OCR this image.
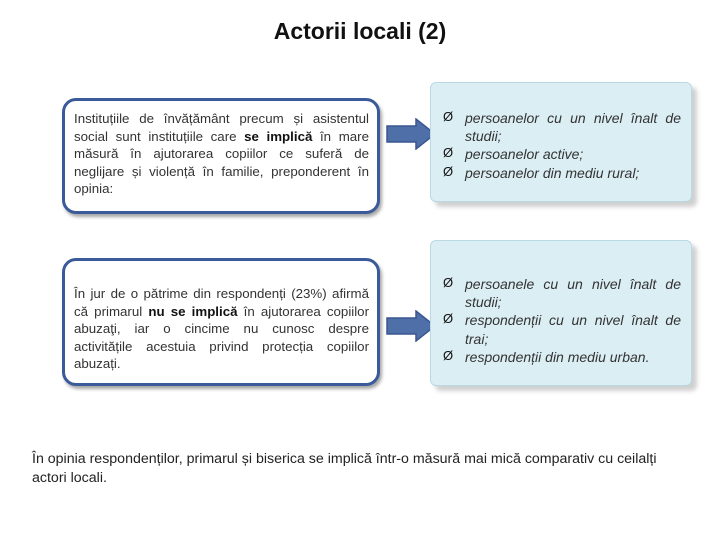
Actorii locali (2)
Instituțiile de învățământ precum și asistentul social sunt instituțiile care se implică în mare măsură în ajutorarea copiilor ce suferă de neglijare și violență în familie, preponderent în opinia:
Ø persoanelor cu un nivel înalt de studii;
Ø persoanelor active;
Ø persoanelor din mediu rural;
În jur de o pătrime din respondenți (23%) afirmă că primarul nu se implică în ajutorarea copiilor abuzaţi, iar o cincime nu cunosc despre activitățile acestuia privind protecția copiilor abuzați.
Ø persoanele cu un nivel înalt de studii;
Ø respondenții cu un nivel înalt de trai;
Ø respondenții din mediu urban.
În opinia respondenților, primarul și biserica se implică într-o măsură mai mică comparativ cu ceilalți actori locali.
